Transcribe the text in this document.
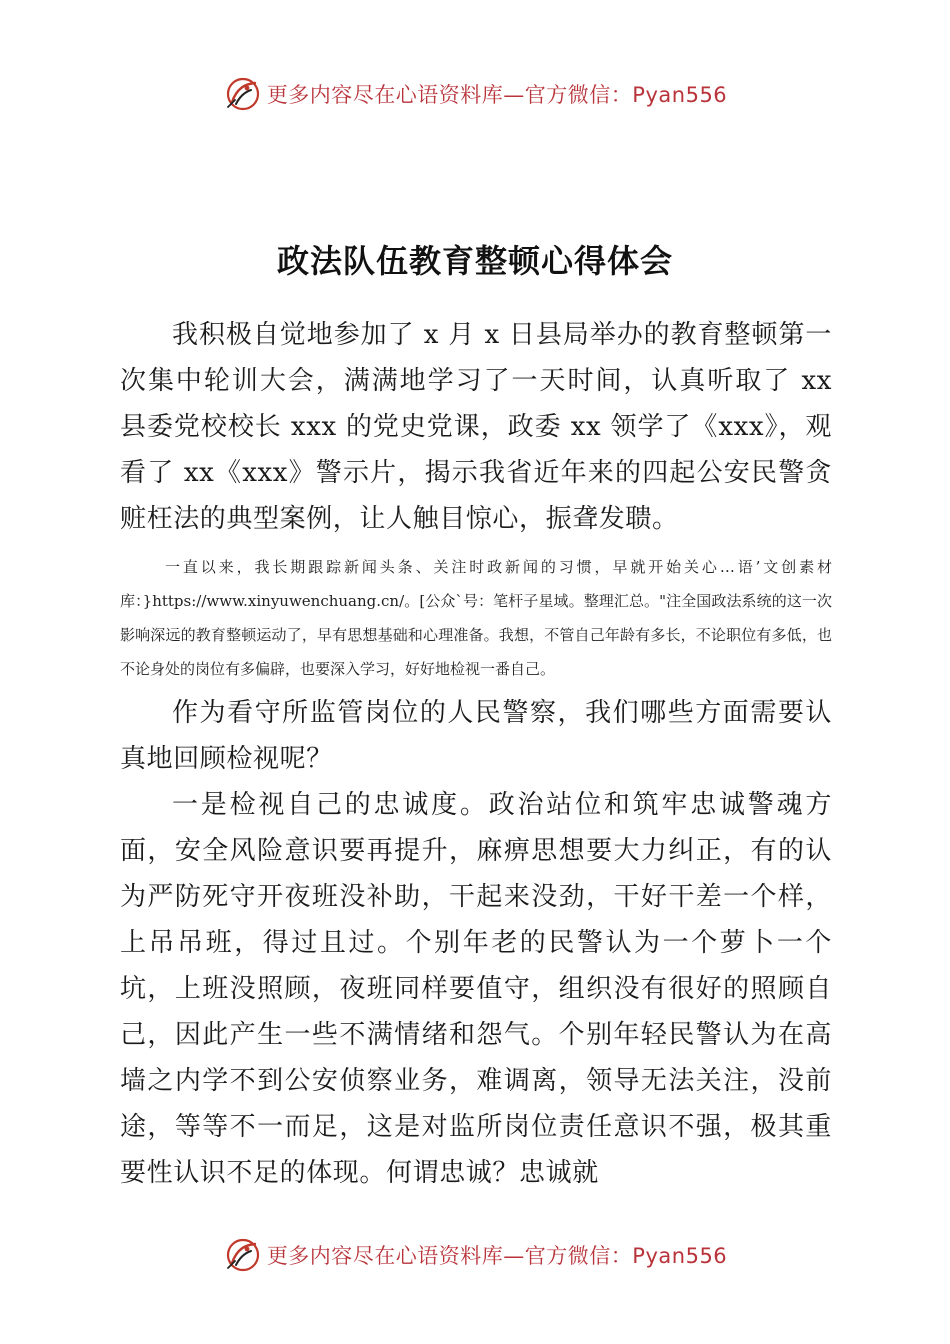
更多内容尽在心语资料库—官方微信：Pyan556
政法队伍教育整顿心得体会

我积极自觉地参加了 x 月 x 日县局举办的教育整顿第一次集中轮训大会，满满地学习了一天时间，认真听取了 xx 县委党校校长 xxx 的党史党课，政委 xx 领学了《xxx》，观看了 xx《xxx》警示片，揭示我省近年来的四起公安民警贪赃枉法的典型案例，让人触目惊心，振聋发聩。

一直以来，我长期跟踪新闻头条、关注时政新闻的习惯，早就开始关心…语’文创素材库：}https://www.xinyuwenchuang.cn/。[公众`号：笔杆子星域。整理汇总。"注全国政法系统的这一次影响深远的教育整顿运动了，早有思想基础和心理准备。我想，不管自己年龄有多长，不论职位有多低，也不论身处的岗位有多偏辟，也要深入学习，好好地检视一番自己。

作为看守所监管岗位的人民警察，我们哪些方面需要认真地回顾检视呢？

一是检视自己的忠诚度。政治站位和筑牢忠诚警魂方面，安全风险意识要再提升，麻痹思想要大力纠正，有的认为严防死守开夜班没补助，干起来没劲，干好干差一个样，上吊吊班，得过且过。个别年老的民警认为一个萝卜一个坑，上班没照顾，夜班同样要值守，组织没有很好的照顾自己，因此产生一些不满情绪和怨气。个别年轻民警认为在高墙之内学不到公安侦察业务，难调离，领导无法关注，没前途，等等不一而足，这是对监所岗位责任意识不强，极其重要性认识不足的体现。何谓忠诚？忠诚就

更多内容尽在心语资料库—官方微信：Pyan556
